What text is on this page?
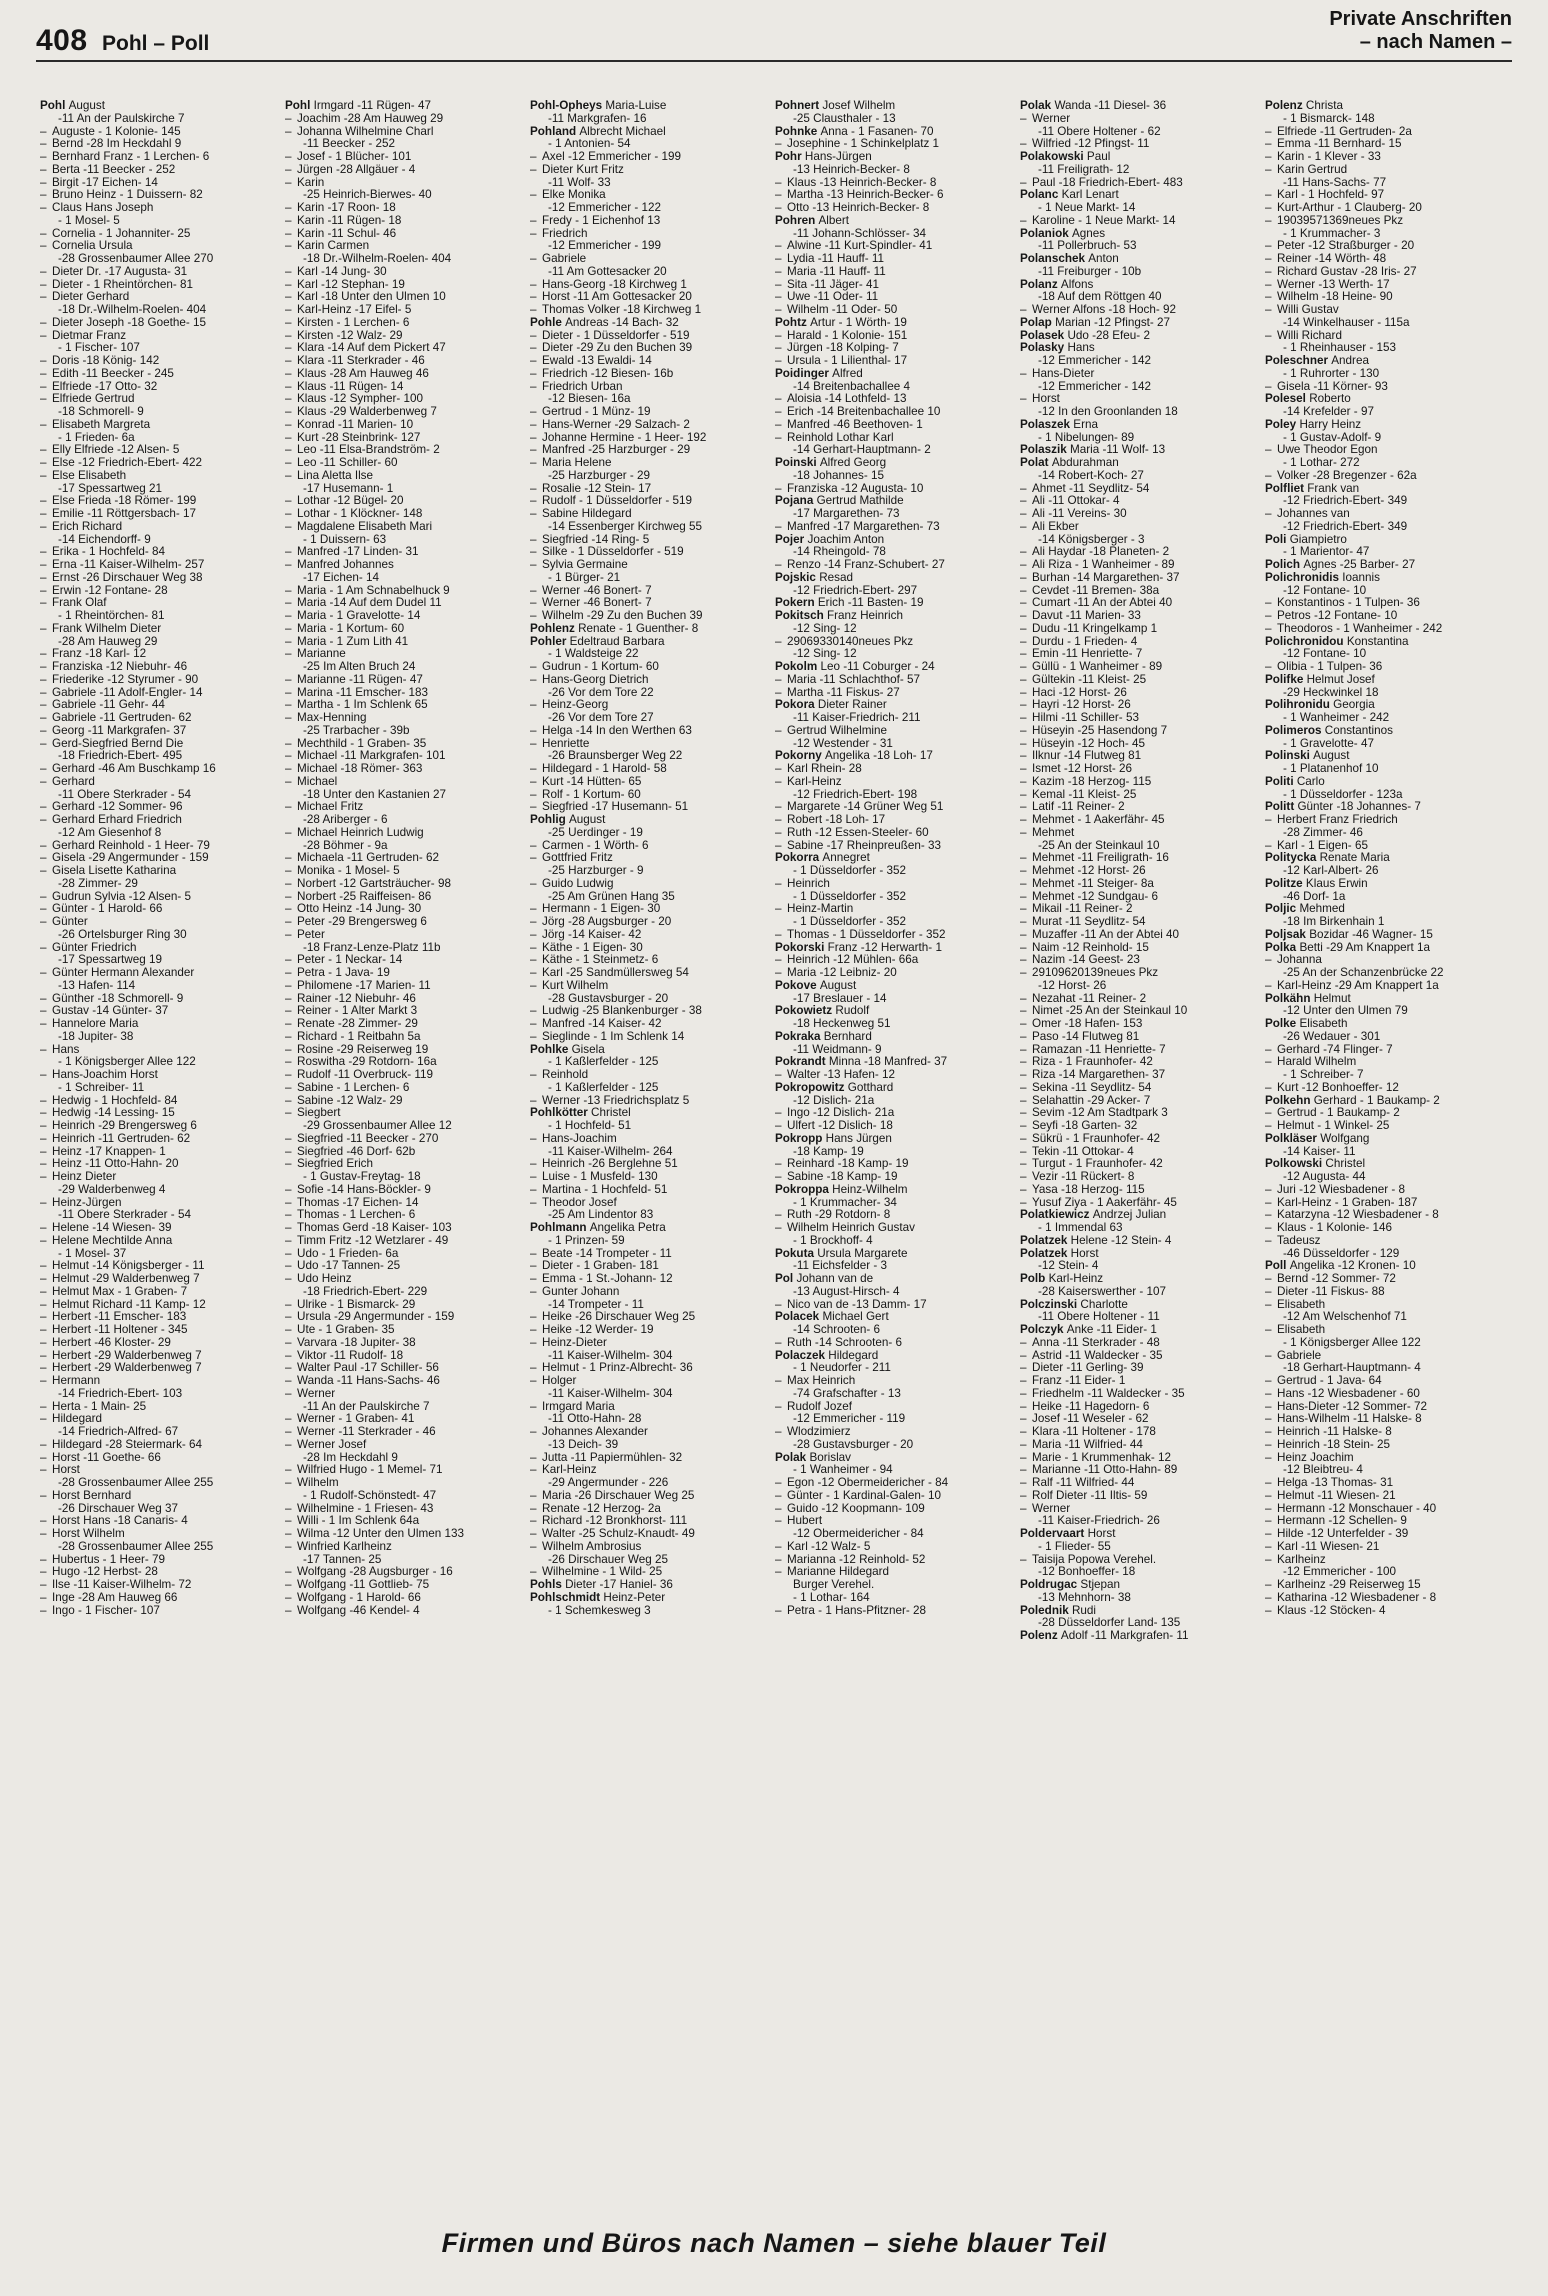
408 Pohl – Poll
Private Anschriften
– nach Namen –
Pohl
August
-11 An der Paulskirche 7
– Auguste - 1 Kolonie- 145
– Bernd -28 Im Heckdahl 9
– Bernhard Franz - 1 Lerchen- 6
– Berta -11 Beecker - 252
– Birgit -17 Eichen- 14
– Bruno Heinz - 1 Duissern- 82
– Claus Hans Joseph
- 1 Mosel- 5
– Cornelia - 1 Johanniter- 25
– Cornelia Ursula
-28 Grossenbaumer Allee 270
– Dieter Dr. -17 Augusta- 31
– Dieter - 1 Rheintörchen- 81
– Dieter Gerhard
-18 Dr.-Wilhelm-Roelen- 404
– Dieter Joseph -18 Goethe- 15
– Dietmar Franz
- 1 Fischer- 107
– Doris -18 König- 142
– Edith -11 Beecker - 245
– Elfriede -17 Otto- 32
– Elfriede Gertrud
-18 Schmorell- 9
– Elisabeth Margreta
- 1 Frieden- 6a
– Elly Elfriede -12 Alsen- 5
– Else -12 Friedrich-Ebert- 422
– Else Elisabeth
-17 Spessartweg 21
– Else Frieda -18 Römer- 199
– Emilie -11 Röttgersbach- 17
– Erich Richard
-14 Eichendorff- 9
– Erika - 1 Hochfeld- 84
– Erna -11 Kaiser-Wilhelm- 257
– Ernst -26 Dirschauer Weg 38
– Erwin -12 Fontane- 28
– Frank Olaf
- 1 Rheintörchen- 81
– Frank Wilhelm Dieter
-28 Am Hauweg 29
– Franz -18 Karl- 12
– Franziska -12 Niebuhr- 46
– Friederike -12 Styrumer - 90
– Gabriele -11 Adolf-Engler- 14
– Gabriele -11 Gehr- 44
– Gabriele -11 Gertruden- 62
– Georg -11 Markgrafen- 37
– Gerd-Siegfried Bernd Die
-18 Friedrich-Ebert- 495
– Gerhard -46 Am Buschkamp 16
– Gerhard
-11 Obere Sterkrader - 54
– Gerhard -12 Sommer- 96
– Gerhard Erhard Friedrich
-12 Am Giesenhof 8
– Gerhard Reinhold - 1 Heer- 79
– Gisela -29 Angermunder - 159
– Gisela Lisette Katharina
-28 Zimmer- 29
– Gudrun Sylvia -12 Alsen- 5
– Günter - 1 Harold- 66
– Günter
-26 Ortelsburger Ring 30
– Günter Friedrich
-17 Spessartweg 19
– Günter Hermann Alexander
-13 Hafen- 114
– Günther -18 Schmorell- 9
– Gustav -14 Günter- 37
– Hannelore Maria
-18 Jupiter- 38
– Hans
- 1 Königsberger Allee 122
– Hans-Joachim Horst
- 1 Schreiber- 11
– Hedwig - 1 Hochfeld- 84
– Hedwig -14 Lessing- 15
– Heinrich -29 Brengersweg 6
– Heinrich -11 Gertruden- 62
– Heinz -17 Knappen- 1
– Heinz -11 Otto-Hahn- 20
– Heinz Dieter
-29 Walderbenweg 4
– Heinz-Jürgen
-11 Obere Sterkrader - 54
– Helene -14 Wiesen- 39
– Helene Mechtilde Anna
- 1 Mosel- 37
– Helmut -14 Königsberger - 11
– Helmut -29 Walderbenweg 7
– Helmut Max - 1 Graben- 7
– Helmut Richard -11 Kamp- 12
– Herbert -11 Emscher- 183
– Herbert -11 Holtener - 345
– Herbert -46 Kloster- 29
– Herbert -29 Walderbenweg 7
– Herbert -29 Walderbenweg 7
– Hermann
-14 Friedrich-Ebert- 103
– Herta - 1 Main- 25
– Hildegard
-14 Friedrich-Alfred- 67
– Hildegard -28 Steiermark- 64
– Horst -11 Goethe- 66
– Horst
-28 Grossenbaumer Allee 255
– Horst Bernhard
-26 Dirschauer Weg 37
– Horst Hans -18 Canaris- 4
– Horst Wilhelm
-28 Grossenbaumer Allee 255
– Hubertus - 1 Heer- 79
– Hugo -12 Herbst- 28
– Ilse -11 Kaiser-Wilhelm- 72
– Inge -28 Am Hauweg 66
– Ingo - 1 Fischer- 107
Pohl
Irmgard -11 Rügen- 47
– Joachim -28 Am Hauweg 29
– Johanna Wilhelmine Charl
-11 Beecker - 252
– Josef - 1 Blücher- 101
– Jürgen -28 Allgäuer - 4
– Karin
-25 Heinrich-Bierwes- 40
– Karin -17 Roon- 18
– Karin -11 Rügen- 18
– Karin -11 Schul- 46
– Karin Carmen
-18 Dr.-Wilhelm-Roelen- 404
– Karl -14 Jung- 30
– Karl -12 Stephan- 19
– Karl -18 Unter den Ulmen 10
– Karl-Heinz -17 Eifel- 5
– Kirsten - 1 Lerchen- 6
– Kirsten -12 Walz- 29
– Klara -14 Auf dem Pickert 47
– Klara -11 Sterkrader - 46
– Klaus -28 Am Hauweg 46
– Klaus -11 Rügen- 14
– Klaus -12 Sympher- 100
– Klaus -29 Walderbenweg 7
– Konrad -11 Marien- 10
– Kurt -28 Steinbrink- 127
– Leo -11 Elsa-Brandström- 2
– Leo -11 Schiller- 60
– Lina Aletta Ilse
-17 Husemann- 1
– Lothar -12 Bügel- 20
– Lothar - 1 Klöckner- 148
– Magdalene Elisabeth Mari
- 1 Duissern- 63
– Manfred -17 Linden- 31
– Manfred Johannes
-17 Eichen- 14
– Maria - 1 Am Schnabelhuck 9
– Maria -14 Auf dem Dudel 11
– Maria - 1 Gravelotte- 14
– Maria - 1 Kortum- 60
– Maria - 1 Zum Lith 41
– Marianne
-25 Im Alten Bruch 24
– Marianne -11 Rügen- 47
– Marina -11 Emscher- 183
– Martha - 1 Im Schlenk 65
– Max-Henning
-25 Trarbacher - 39b
– Mechthild - 1 Graben- 35
– Michael -11 Markgrafen- 101
– Michael -18 Römer- 363
– Michael
-18 Unter den Kastanien 27
– Michael Fritz
-28 Ariberger - 6
– Michael Heinrich Ludwig
-28 Böhmer - 9a
– Michaela -11 Gertruden- 62
– Monika - 1 Mosel- 5
– Norbert -12 Gartsträucher- 98
– Norbert -25 Raiffeisen- 86
– Otto Heinz -14 Jung- 30
– Peter -29 Brengersweg 6
– Peter
-18 Franz-Lenze-Platz 11b
– Peter - 1 Neckar- 14
– Petra - 1 Java- 19
– Philomene -17 Marien- 11
– Rainer -12 Niebuhr- 46
– Reiner - 1 Alter Markt 3
– Renate -28 Zimmer- 29
– Richard - 1 Reitbahn 5a
– Rosine -29 Reiserweg 19
– Roswitha -29 Rotdorn- 16a
– Rudolf -11 Overbruck- 119
– Sabine - 1 Lerchen- 6
– Sabine -12 Walz- 29
– Siegbert
-29 Grossenbaumer Allee 12
– Siegfried -11 Beecker - 270
– Siegfried -46 Dorf- 62b
– Siegfried Erich
- 1 Gustav-Freytag- 18
– Sofie -14 Hans-Böckler- 9
– Thomas -17 Eichen- 14
– Thomas - 1 Lerchen- 6
– Thomas Gerd -18 Kaiser- 103
– Timm Fritz -12 Wetzlarer - 49
– Udo - 1 Frieden- 6a
– Udo -17 Tannen- 25
– Udo Heinz
-18 Friedrich-Ebert- 229
– Ulrike - 1 Bismarck- 29
– Ursula -29 Angermunder - 159
– Ute - 1 Graben- 35
– Varvara -18 Jupiter- 38
– Viktor -11 Rudolf- 18
– Walter Paul -17 Schiller- 56
– Wanda -11 Hans-Sachs- 46
– Werner
-11 An der Paulskirche 7
– Werner - 1 Graben- 41
– Werner -11 Sterkrader - 46
– Werner Josef
-28 Im Heckdahl 9
– Wilfried Hugo - 1 Memel- 71
– Wilhelm
- 1 Rudolf-Schönstedt- 47
– Wilhelmine - 1 Friesen- 43
– Willi - 1 Im Schlenk 64a
– Wilma -12 Unter den Ulmen 133
– Winfried Karlheinz
-17 Tannen- 25
– Wolfgang -28 Augsburger - 16
– Wolfgang -11 Gottlieb- 75
– Wolfgang - 1 Harold- 66
– Wolfgang -46 Kendel- 4
Pohl-Opheys
Maria-Luise
-11 Markgrafen- 16
Pohland
Albrecht Michael
- 1 Antonien- 54
– Axel -12 Emmericher - 199
– Dieter Kurt Fritz
-11 Wolf- 33
– Elke Monika
-12 Emmericher - 122
– Fredy - 1 Eichenhof 13
– Friedrich
-12 Emmericher - 199
– Gabriele
-11 Am Gottesacker 20
– Hans-Georg -18 Kirchweg 1
– Horst -11 Am Gottesacker 20
– Thomas Volker -18 Kirchweg 1
Pohle
Andreas -14 Bach- 32
– Dieter - 1 Düsseldorfer - 519
– Dieter -29 Zu den Buchen 39
– Ewald -13 Ewaldi- 14
– Friedrich -12 Biesen- 16b
– Friedrich Urban
-12 Biesen- 16a
– Gertrud - 1 Münz- 19
– Hans-Werner -29 Salzach- 2
– Johanne Hermine - 1 Heer- 192
– Manfred -25 Harzburger - 29
– Maria Helene
-25 Harzburger - 29
– Rosalie -12 Stein- 17
– Rudolf - 1 Düsseldorfer - 519
– Sabine Hildegard
-14 Essenberger Kirchweg 55
– Siegfried -14 Ring- 5
– Silke - 1 Düsseldorfer - 519
– Sylvia Germaine
- 1 Bürger- 21
– Werner -46 Bonert- 7
– Werner -46 Bonert- 7
– Wilhelm -29 Zu den Buchen 39
Pohlenz
Renate - 1 Guenther- 8
Pohler
Edeltraud Barbara
- 1 Waldsteige 22
– Gudrun - 1 Kortum- 60
– Hans-Georg Dietrich
-26 Vor dem Tore 22
– Heinz-Georg
-26 Vor dem Tore 27
– Helga -14 In den Werthen 63
– Henriette
-26 Braunsberger Weg 22
– Hildegard - 1 Harold- 58
– Kurt -14 Hütten- 65
– Rolf - 1 Kortum- 60
– Siegfried -17 Husemann- 51
Pohlig
August
-25 Uerdinger - 19
– Carmen - 1 Wörth- 6
– Gottfried Fritz
-25 Harzburger - 9
– Guido Ludwig
-25 Am Grünen Hang 35
– Hermann - 1 Eigen- 30
– Jörg -28 Augsburger - 20
– Jörg -14 Kaiser- 42
– Käthe - 1 Eigen- 30
– Käthe - 1 Steinmetz- 6
– Karl -25 Sandmüllersweg 54
– Kurt Wilhelm
-28 Gustavsburger - 20
– Ludwig -25 Blankenburger - 38
– Manfred -14 Kaiser- 42
– Sieglinde - 1 Im Schlenk 14
Pohlke
Gisela
- 1 Kaßlerfelder - 125
– Reinhold
- 1 Kaßlerfelder - 125
– Werner -13 Friedrichsplatz 5
Pohlkötter
Christel
- 1 Hochfeld- 51
– Hans-Joachim
-11 Kaiser-Wilhelm- 264
– Heinrich -26 Berglehne 51
– Luise - 1 Musfeld- 130
– Martina - 1 Hochfeld- 51
– Theodor Josef
-25 Am Lindentor 83
Pohlmann
Angelika Petra
- 1 Prinzen- 59
– Beate -14 Trompeter - 11
– Dieter - 1 Graben- 181
– Emma - 1 St.-Johann- 12
– Gunter Johann
-14 Trompeter - 11
– Heike -26 Dirschauer Weg 25
– Heike -12 Werder- 19
– Heinz-Dieter
-11 Kaiser-Wilhelm- 304
– Helmut - 1 Prinz-Albrecht- 36
– Holger
-11 Kaiser-Wilhelm- 304
– Irmgard Maria
-11 Otto-Hahn- 28
– Johannes Alexander
-13 Deich- 39
– Jutta -11 Papiermühlen- 32
– Karl-Heinz
-29 Angermunder - 226
– Maria -26 Dirschauer Weg 25
– Renate -12 Herzog- 2a
– Richard -12 Bronkhorst- 111
– Walter -25 Schulz-Knaudt- 49
– Wilhelm Ambrosius
-26 Dirschauer Weg 25
– Wilhelmine - 1 Wild- 25
Pohls
Dieter -17 Haniel- 36
Pohlschmidt
Heinz-Peter
- 1 Schemkesweg 3
Pohnert
Josef Wilhelm
-25 Clausthaler - 13
Pohnke
Anna - 1 Fasanen- 70
– Josephine - 1 Schinkelplatz 1
Pohr
Hans-Jürgen
-13 Heinrich-Becker- 8
– Klaus -13 Heinrich-Becker- 8
– Martha -13 Heinrich-Becker- 6
– Otto -13 Heinrich-Becker- 8
Pohren
Albert
-11 Johann-Schlösser- 34
– Alwine -11 Kurt-Spindler- 41
– Lydia -11 Hauff- 11
– Maria -11 Hauff- 11
– Sita -11 Jäger- 41
– Uwe -11 Oder- 11
– Wilhelm -11 Oder- 50
Pohtz
Artur - 1 Wörth- 19
– Harald - 1 Kolonie- 151
– Jürgen -18 Kolping- 7
– Ursula - 1 Lilienthal- 17
Poidinger
Alfred
-14 Breitenbachallee 4
– Aloisia -14 Lothfeld- 13
– Erich -14 Breitenbachallee 10
– Manfred -46 Beethoven- 1
– Reinhold Lothar Karl
-14 Gerhart-Hauptmann- 2
Poinski
Alfred Georg
-18 Johannes- 15
– Franziska -12 Augusta- 10
Pojana
Gertrud Mathilde
-17 Margarethen- 73
– Manfred -17 Margarethen- 73
Pojer
Joachim Anton
-14 Rheingold- 78
– Renzo -14 Franz-Schubert- 27
Pojskic
Resad
-12 Friedrich-Ebert- 297
Pokern
Erich -11 Basten- 19
Pokitsch
Franz Heinrich
-12 Sing- 12
– 29069330140neues Pkz
-12 Sing- 12
Pokolm
Leo -11 Coburger - 24
– Maria -11 Schlachthof- 57
– Martha -11 Fiskus- 27
Pokora
Dieter Rainer
-11 Kaiser-Friedrich- 211
– Gertrud Wilhelmine
-12 Westender - 31
Pokorny
Angelika -18 Loh- 17
– Karl Rhein- 28
– Karl-Heinz
-12 Friedrich-Ebert- 198
– Margarete -14 Grüner Weg 51
– Robert -18 Loh- 17
– Ruth -12 Essen-Steeler- 60
– Sabine -17 Rheinpreußen- 33
Pokorra
Annegret
- 1 Düsseldorfer - 352
– Heinrich
- 1 Düsseldorfer - 352
– Heinz-Martin
- 1 Düsseldorfer - 352
– Thomas - 1 Düsseldorfer - 352
Pokorski
Franz -12 Herwarth- 1
– Heinrich -12 Mühlen- 66a
– Maria -12 Leibniz- 20
Pokove
August
-17 Breslauer - 14
Pokowietz
Rudolf
-18 Heckenweg 51
Pokraka
Bernhard
-11 Weidmann- 9
Pokrandt
Minna -18 Manfred- 37
– Walter -13 Hafen- 12
Pokropowitz
Gotthard
-12 Dislich- 21a
– Ingo -12 Dislich- 21a
– Ulfert -12 Dislich- 18
Pokropp
Hans Jürgen
-18 Kamp- 19
– Reinhard -18 Kamp- 19
– Sabine -18 Kamp- 19
Pokroppa
Heinz-Wilhelm
- 1 Krummacher- 34
– Ruth -29 Rotdorn- 8
– Wilhelm Heinrich Gustav
- 1 Brockhoff- 4
Pokuta
Ursula Margarete
-11 Eichsfelder - 3
Pol
Johann van de
-13 August-Hirsch- 4
– Nico van de -13 Damm- 17
Polacek
Michael Gert
-14 Schrooten- 6
– Ruth -14 Schrooten- 6
Polaczek
Hildegard
- 1 Neudorfer - 211
– Max Heinrich
-74 Grafschafter - 13
– Rudolf Jozef
-12 Emmericher - 119
– Wlodzimierz
-28 Gustavsburger - 20
Polak
Borislav
- 1 Wanheimer - 94
– Egon -12 Obermeidericher - 84
– Günter - 1 Kardinal-Galen- 10
– Guido -12 Koopmann- 109
– Hubert
-12 Obermeidericher - 84
– Karl -12 Walz- 5
– Marianna -12 Reinhold- 52
– Marianne Hildegard
Burger Verehel.
- 1 Lothar- 164
– Petra - 1 Hans-Pfitzner- 28
Polak
Wanda -11 Diesel- 36
– Werner
-11 Obere Holtener - 62
– Wilfried -12 Pfingst- 11
Polakowski
Paul
-11 Freiligrath- 12
– Paul -18 Friedrich-Ebert- 483
Polanc
Karl Lenart
- 1 Neue Markt- 14
– Karoline - 1 Neue Markt- 14
Polaniok
Agnes
-11 Pollerbruch- 53
Polanschek
Anton
-11 Freiburger - 10b
Polanz
Alfons
-18 Auf dem Röttgen 40
– Werner Alfons -18 Hoch- 92
Polap
Marian -12 Pfingst- 27
Polasek
Udo -28 Efeu- 2
Polasky
Hans
-12 Emmericher - 142
– Hans-Dieter
-12 Emmericher - 142
– Horst
-12 In den Groonlanden 18
Polaszek
Erna
- 1 Nibelungen- 89
Polaszik
Maria -11 Wolf- 13
Polat
Abdurahman
-14 Robert-Koch- 27
– Ahmet -11 Seydlitz- 54
– Ali -11 Ottokar- 4
– Ali -11 Vereins- 30
– Ali Ekber
-14 Königsberger - 3
– Ali Haydar -18 Planeten- 2
– Ali Riza - 1 Wanheimer - 89
– Burhan -14 Margarethen- 37
– Cevdet -11 Bremen- 38a
– Cumart -11 An der Abtei 40
– Davut -11 Marien- 33
– Dudu -11 Kringelkamp 1
– Durdu - 1 Frieden- 4
– Emin -11 Henriette- 7
– Güllü - 1 Wanheimer - 89
– Gültekin -11 Kleist- 25
– Haci -12 Horst- 26
– Hayri -12 Horst- 26
– Hilmi -11 Schiller- 53
– Hüseyin -25 Hasendong 7
– Hüseyin -12 Hoch- 45
– Ilknur -14 Flutweg 81
– Ismet -12 Horst- 26
– Kazim -18 Herzog- 115
– Kemal -11 Kleist- 25
– Latif -11 Reiner- 2
– Mehmet - 1 Aakerfähr- 45
– Mehmet
-25 An der Steinkaul 10
– Mehmet -11 Freiligrath- 16
– Mehmet -12 Horst- 26
– Mehmet -11 Steiger- 8a
– Mehmet -12 Sundgau- 6
– Mikail -11 Reiner- 2
– Murat -11 Seydlitz- 54
– Muzaffer -11 An der Abtei 40
– Naim -12 Reinhold- 15
– Nazim -14 Geest- 23
– 29109620139neues Pkz
-12 Horst- 26
– Nezahat -11 Reiner- 2
– Nimet -25 An der Steinkaul 10
– Ömer -18 Hafen- 153
– Paso -14 Flutweg 81
– Ramazan -11 Henriette- 7
– Riza - 1 Fraunhofer- 42
– Riza -14 Margarethen- 37
– Sekina -11 Seydlitz- 54
– Selahattin -29 Acker- 7
– Sevim -12 Am Stadtpark 3
– Seyfi -18 Garten- 32
– Sükrü - 1 Fraunhofer- 42
– Tekin -11 Ottokar- 4
– Turgut - 1 Fraunhofer- 42
– Vezir -11 Rückert- 8
– Yasa -18 Herzog- 115
– Yusuf Ziya - 1 Aakerfähr- 45
Polatkiewicz
Andrzej Julian
- 1 Immendal 63
Polatzek
Helene -12 Stein- 4
Polatzek
Horst
-12 Stein- 4
Polb
Karl-Heinz
-28 Kaiserswerther - 107
Polczinski
Charlotte
-11 Obere Holtener - 11
Polczyk
Anke -11 Eider- 1
– Anna -11 Sterkrader - 48
– Astrid -11 Waldecker - 35
– Dieter -11 Gerling- 39
– Franz -11 Eider- 1
– Friedhelm -11 Waldecker - 35
– Heike -11 Hagedorn- 6
– Josef -11 Weseler - 62
– Klara -11 Holtener - 178
– Maria -11 Wilfried- 44
– Marie - 1 Krummenhak- 12
– Marianne -11 Otto-Hahn- 89
– Ralf -11 Wilfried- 44
– Rolf Dieter -11 Iltis- 59
– Werner
-11 Kaiser-Friedrich- 26
Poldervaart
Horst
- 1 Flieder- 55
– Taisija Popowa Verehel.
-12 Bonhoeffer- 18
Poldrugac
Stjepan
-13 Mehnhorn- 38
Polednik
Rudi
-28 Düsseldorfer Land- 135
Polenz
Adolf -11 Markgrafen- 11
Polenz
Christa
- 1 Bismarck- 148
– Elfriede -11 Gertruden- 2a
– Emma -11 Bernhard- 15
– Karin - 1 Klever - 33
– Karin Gertrud
-11 Hans-Sachs- 77
– Karl - 1 Hochfeld- 97
– Kurt-Arthur - 1 Clauberg- 20
– 19039571369neues Pkz
- 1 Krummacher- 3
– Peter -12 Straßburger - 20
– Reiner -14 Wörth- 48
– Richard Gustav -28 Iris- 27
– Werner -13 Werth- 17
– Wilhelm -18 Heine- 90
– Willi Gustav
-14 Winkelhauser - 115a
– Willi Richard
- 1 Rheinhauser - 153
Poleschner
Andrea
- 1 Ruhrorter - 130
– Gisela -11 Körner- 93
Polesel
Roberto
-14 Krefelder - 97
Poley
Harry Heinz
- 1 Gustav-Adolf- 9
– Uwe Theodor Egon
- 1 Lothar- 272
– Volker -28 Bregenzer - 62a
Polfliet
Frank van
-12 Friedrich-Ebert- 349
– Johannes van
-12 Friedrich-Ebert- 349
Poli
Giampietro
- 1 Marientor- 47
Polich
Agnes -25 Barber- 27
Polichronidis
Ioannis
-12 Fontane- 10
– Konstantinos - 1 Tulpen- 36
– Petros -12 Fontane- 10
– Theodoros - 1 Wanheimer - 242
Polichronidou
Konstantina
-12 Fontane- 10
– Olibia - 1 Tulpen- 36
Polifke
Helmut Josef
-29 Heckwinkel 18
Polihronidu
Georgia
- 1 Wanheimer - 242
Polimeros
Constantinos
- 1 Gravelotte- 47
Polinski
August
- 1 Platanenhof 10
Politi
Carlo
- 1 Düsseldorfer - 123a
Politt
Günter -18 Johannes- 7
– Herbert Franz Friedrich
-28 Zimmer- 46
– Karl - 1 Eigen- 65
Politycka
Renate Maria
-12 Karl-Albert- 26
Politze
Klaus Erwin
-46 Dorf- 1a
Poljic
Mehmed
-18 Im Birkenhain 1
Poljsak
Bozidar -46 Wagner- 15
Polka
Betti -29 Am Knappert 1a
– Johanna
-25 An der Schanzenbrücke 22
– Karl-Heinz -29 Am Knappert 1a
Polkähn
Helmut
-12 Unter den Ulmen 79
Polke
Elisabeth
-26 Wedauer - 301
– Gerhard -74 Flinger- 7
– Harald Wilhelm
- 1 Schreiber- 7
– Kurt -12 Bonhoeffer- 12
Polkehn
Gerhard - 1 Baukamp- 2
– Gertrud - 1 Baukamp- 2
– Helmut - 1 Winkel- 25
Polkläser
Wolfgang
-14 Kaiser- 11
Polkowski
Christel
-12 Augusta- 44
– Juri -12 Wiesbadener - 8
– Karl-Heinz - 1 Graben- 187
– Katarzyna -12 Wiesbadener - 8
– Klaus - 1 Kolonie- 146
– Tadeusz
-46 Düsseldorfer - 129
Poll
Angelika -12 Kronen- 10
– Bernd -12 Sommer- 72
– Dieter -11 Fiskus- 88
– Elisabeth
-12 Am Welschenhof 71
– Elisabeth
- 1 Königsberger Allee 122
– Gabriele
-18 Gerhart-Hauptmann- 4
– Gertrud - 1 Java- 64
– Hans -12 Wiesbadener - 60
– Hans-Dieter -12 Sommer- 72
– Hans-Wilhelm -11 Halske- 8
– Heinrich -11 Halske- 8
– Heinrich -18 Stein- 25
– Heinz Joachim
-12 Bleibtreu- 4
– Helga -13 Thomas- 31
– Helmut -11 Wiesen- 21
– Hermann -12 Monschauer - 40
– Hermann -12 Schellen- 9
– Hilde -12 Unterfelder - 39
– Karl -11 Wiesen- 21
– Karlheinz
-12 Emmericher - 100
– Karlheinz -29 Reiserweg 15
– Katharina -12 Wiesbadener - 8
– Klaus -12 Stöcken- 4
Firmen und Büros nach Namen – siehe blauer Teil
